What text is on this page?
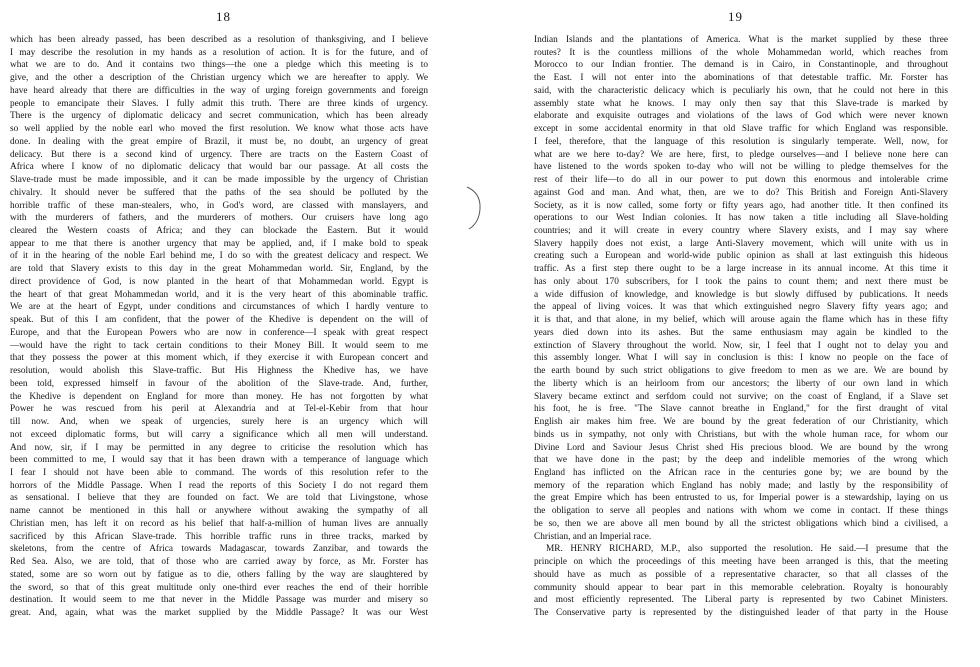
18
which has been already passed, has been described as a resolution of thanksgiving, and I believe
I may describe the resolution in my hands as a resolution of action. It is for the future, and of
what we are to do. And it contains two things—the one a pledge which this meeting is to
give, and the other a description of the Christian urgency which we are hereafter to apply. We
have heard already that there are difficulties in the way of urging foreign governments and foreign
people to emancipate their Slaves. I fully admit this truth. There are three kinds of urgency.
There is the urgency of diplomatic delicacy and secret communication, which has been already
so well applied by the noble earl who moved the first resolution. We know what those acts have
done. In dealing with the great empire of Brazil, it must be, no doubt, an urgency of great
delicacy. But there is a second kind of urgency. There are tracts on the Eastern Coast of
Africa where I know of no diplomatic delicacy that would bar our passage. At all costs the
Slave-trade must be made impossible, and it can be made impossible by the urgency of Christian
chivalry. It should never be suffered that the paths of the sea should be polluted by the
horrible traffic of these man-stealers, who, in God's word, are classed with manslayers, and
with the murderers of fathers, and the murderers of mothers. Our cruisers have long ago
cleared the Western coasts of Africa; and they can blockade the Eastern. But it would
appear to me that there is another urgency that may be applied, and, if I make bold to speak
of it in the hearing of the noble Earl behind me, I do so with the greatest delicacy and respect. We
are told that Slavery exists to this day in the great Mohammedan world. Sir, England, by the
direct providence of God, is now planted in the heart of that Mohammedan world. Egypt is
the heart of that great Mohammedan world, and it is the very heart of this abominable traffic.
We are at the heart of Egypt, under conditions and circumstances of which I hardly venture to
speak. But of this I am confident, that the power of the Khedive is dependent on the will of
Europe, and that the European Powers who are now in conference—I speak with great respect
—would have the right to tack certain conditions to their Money Bill. It would seem to me
that they possess the power at this moment which, if they exercise it with European concert and
resolution, would abolish this Slave-traffic. But His Highness the Khedive has, we have
been told, expressed himself in favour of the abolition of the Slave-trade. And, further,
the Khedive is dependent on England for more than money. He has not forgotten by what
Power he was rescued from his peril at Alexandria and at Tel-el-Kebir from that hour
till now. And, when we speak of urgencies, surely here is an urgency which will
not exceed diplomatic forms, but will carry a significance which all men will understand.
And now, sir, if I may be permitted in any degree to criticise the resolution which has
been committed to me, I would say that it has been drawn with a temperance of language which
I fear I should not have been able to command. The words of this resolution refer to the
horrors of the Middle Passage. When I read the reports of this Society I do not regard them
as sensational. I believe that they are founded on fact. We are told that Livingstone, whose
name cannot be mentioned in this hall or anywhere without awaking the sympathy of all
Christian men, has left it on record as his belief that half-a-million of human lives are annually
sacrificed by this African Slave-trade. This horrible traffic runs in three tracks, marked by
skeletons, from the centre of Africa towards Madagascar, towards Zanzibar, and towards the
Red Sea. Also, we are told, that of those who are carried away by force, as Mr. Forster has
stated, some are so worn out by fatigue as to die, others falling by the way are slaughtered by
the sword, so that of this great multitude only one-third ever reaches the end of their horrible
destination. It would seem to me that never in the Middle Passage was murder and misery so
great. And, again, what was the market supplied by the Middle Passage? It was our West
19
Indian Islands and the plantations of America. What is the market supplied by these three
routes? It is the countless millions of the whole Mohammedan world, which reaches from
Morocco to our Indian frontier. The demand is in Cairo, in Constantinople, and throughout
the East. I will not enter into the abominations of that detestable traffic. Mr. Forster has
said, with the characteristic delicacy which is peculiarly his own, that he could not here in this
assembly state what he knows. I may only then say that this Slave-trade is marked by
elaborate and exquisite outrages and violations of the laws of God which were never known
except in some accidental enormity in that old Slave traffic for which England was responsible.
I feel, therefore, that the language of this resolution is singularly temperate. Well, now, for
what are we here to-day? We are here, first, to pledge ourselves—and I believe none here can
have listened to the words spoken to-day who will not be willing to pledge themselves for the
rest of their life—to do all in our power to put down this enormous and intolerable crime
against God and man. And what, then, are we to do? This British and Foreign Anti-Slavery
Society, as it is now called, some forty or fifty years ago, had another title. It then confined its
operations to our West Indian colonies. It has now taken a title including all Slave-holding
countries; and it will create in every country where Slavery exists, and I may say where
Slavery happily does not exist, a large Anti-Slavery movement, which will unite with us in
creating such a European and world-wide public opinion as shall at last extinguish this hideous
traffic. As a first step there ought to be a large increase in its annual income. At this time it
has only about 170 subscribers, for I took the pains to count them; and next there must be
a wide diffusion of knowledge, and knowledge is but slowly diffused by publications. It needs
the appeal of living voices. It was that which extinguished negro Slavery fifty years ago; and
it is that, and that alone, in my belief, which will arouse again the flame which has in these fifty
years died down into its ashes. But the same enthusiasm may again be kindled to the
extinction of Slavery throughout the world. Now, sir, I feel that I ought not to delay you and
this assembly longer. What I will say in conclusion is this: I know no people on the face of
the earth bound by such strict obligations to give freedom to men as we are. We are bound by
the liberty which is an heirloom from our ancestors; the liberty of our own land in which
Slavery became extinct and serfdom could not survive; on the coast of England, if a Slave set
his foot, he is free. "The Slave cannot breathe in England," for the first draught of vital
English air makes him free. We are bound by the great federation of our Christianity, which
binds us in sympathy, not only with Christians, but with the whole human race, for whom our
Divine Lord and Saviour Jesus Christ shed His precious blood. We are bound by the wrong
that we have done in the past; by the deep and indelible memories of the wrong which
England has inflicted on the African race in the centuries gone by; we are bound by the
memory of the reparation which England has nobly made; and lastly by the responsibility of
the great Empire which has been entrusted to us, for Imperial power is a stewardship, laying on us
the obligation to serve all peoples and nations with whom we come in contact. If these things
be so, then we are above all men bound by all the strictest obligations which bind a civilised, a
Christian, and an Imperial race.
MR. HENRY RICHARD, M.P., also supported the resolution. He said.—I presume that the
principle on which the proceedings of this meeting have been arranged is this, that the meeting
should have as much as possible of a representative character, so that all classes of the
community should appear to bear part in this memorable celebration. Royalty is honourably
and most efficiently represented. The Liberal party is represented by two Cabinet Ministers.
The Conservative party is represented by the distinguished leader of that party in the House
